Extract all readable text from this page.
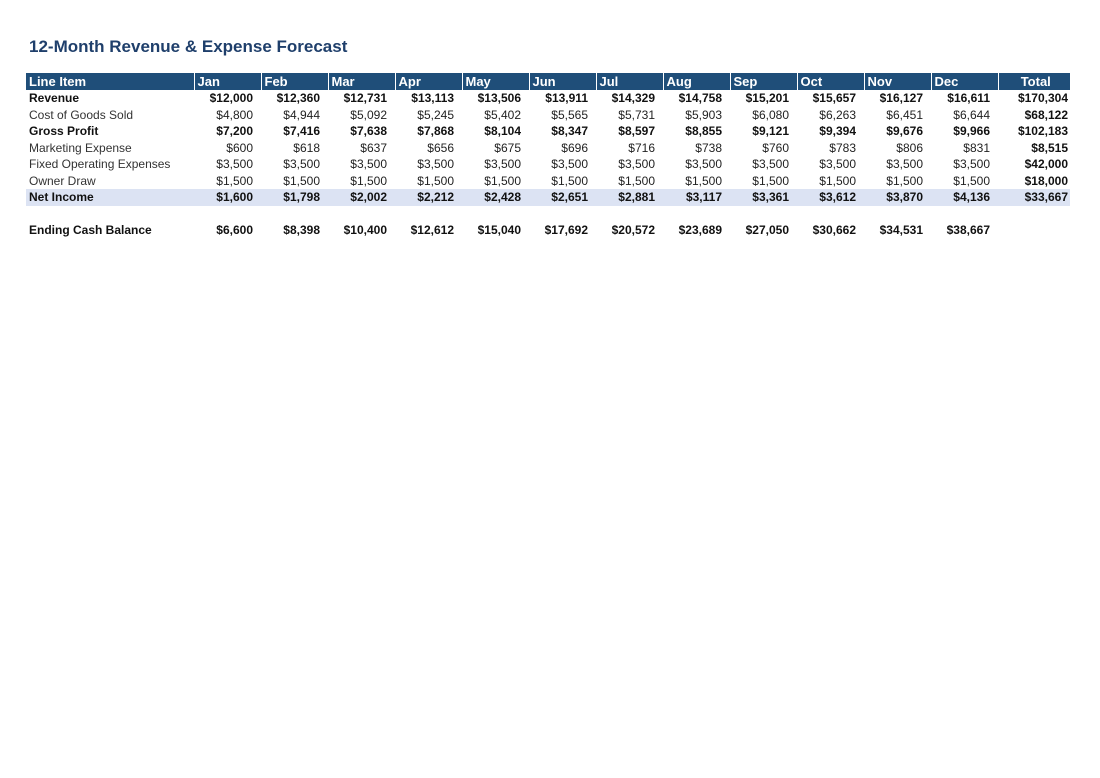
12-Month Revenue & Expense Forecast
Line Item	Jan	Feb	Mar	Apr	May	Jun	Jul	Aug	Sep	Oct	Nov	Dec	Total
Revenue	$12,000	$12,360	$12,731	$13,113	$13,506	$13,911	$14,329	$14,758	$15,201	$15,657	$16,127	$16,611	$170,304
Cost of Goods Sold	$4,800	$4,944	$5,092	$5,245	$5,402	$5,565	$5,731	$5,903	$6,080	$6,263	$6,451	$6,644	$68,122
Gross Profit	$7,200	$7,416	$7,638	$7,868	$8,104	$8,347	$8,597	$8,855	$9,121	$9,394	$9,676	$9,966	$102,183
Marketing Expense	$600	$618	$637	$656	$675	$696	$716	$738	$760	$783	$806	$831	$8,515
Fixed Operating Expenses	$3,500	$3,500	$3,500	$3,500	$3,500	$3,500	$3,500	$3,500	$3,500	$3,500	$3,500	$3,500	$42,000
Owner Draw	$1,500	$1,500	$1,500	$1,500	$1,500	$1,500	$1,500	$1,500	$1,500	$1,500	$1,500	$1,500	$18,000
Net Income	$1,600	$1,798	$2,002	$2,212	$2,428	$2,651	$2,881	$3,117	$3,361	$3,612	$3,870	$4,136	$33,667

Ending Cash Balance	$6,600	$8,398	$10,400	$12,612	$15,040	$17,692	$20,572	$23,689	$27,050	$30,662	$34,531	$38,667	
